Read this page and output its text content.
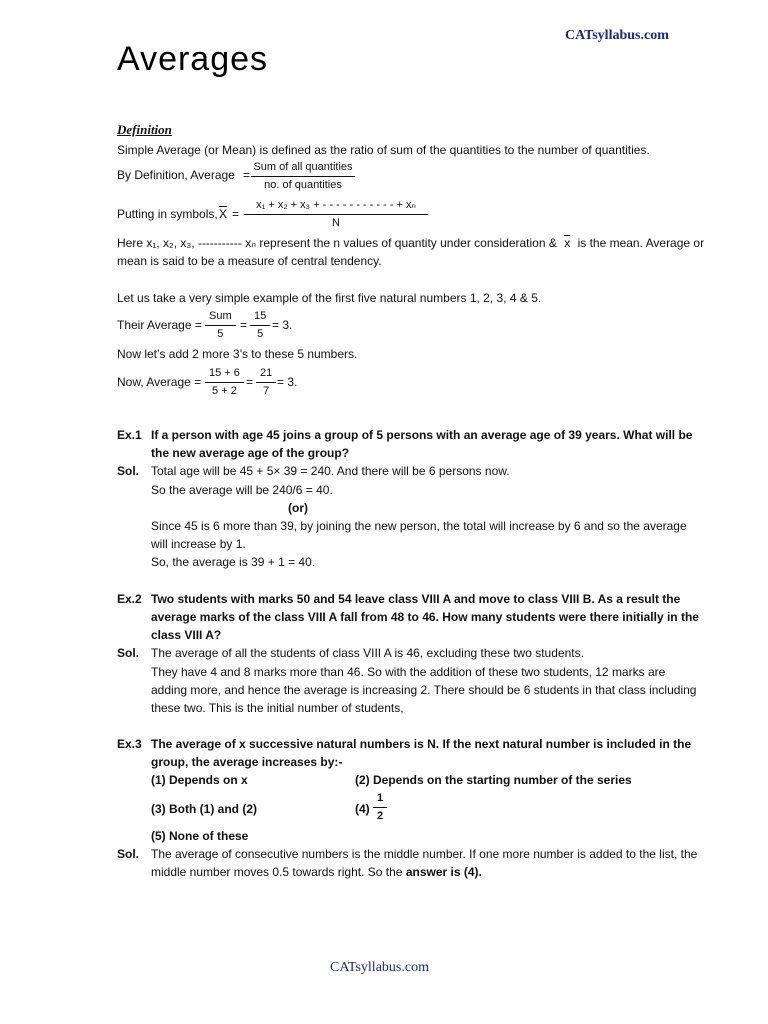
CATsyllabus.com
Averages
Definition
Simple Average (or Mean) is defined as the ratio of sum of the quantities to the number of quantities.
By Definition, Average =
Sum of all quantities
no. of quantities
Putting in symbols, $\overline{X} = \frac{\text{x₁ + x₂ + x₃ + - - - - - - - - - - - + xₙ}}{N}$
Here x₁, x₂, x₃, ----------- xₙ represent the n values of quantity under consideration & $\overline{x}$ is the mean. Average or
mean is said to be a measure of central tendency.
Let us take a very simple example of the first five natural numbers 1, 2, 3, 4 & 5.
Their Average =
Sum
5
= $\frac{15}{5} = 3$.
Now let’s add 2 more 3’s to these 5 numbers.
Now, Average = $\frac{15 + 6}{5 + 2} = \frac{21}{7} = 3$.
Ex.1 If a person with age 45 joins a group of 5 persons with an average age of 39 years. What will be
the new average age of the group?
Sol. Total age will be 45 + 5× 39 = 240. And there will be 6 persons now.
So the average will be 240/6 = 40.
(or)
Since 45 is 6 more than 39, by joining the new person, the total will increase by 6 and so the average
will increase by 1.
So, the average is 39 + 1 = 40.
Ex.2 Two students with marks 50 and 54 leave class VIII A and move to class VIII B. As a result the
average marks of the class VIII A fall from 48 to 46. How many students were there initially in the
class VIII A?
Sol. The average of all the students of class VIII A is 46, excluding these two students.
They have 4 and 8 marks more than 46. So with the addition of these two students, 12 marks are
adding more, and hence the average is increasing 2. There should be 6 students in that class including
these two. This is the initial number of students,
Ex.3 The average of x successive natural numbers is N. If the next natural number is included in the
group, the average increases by:-
(1) Depends on x	(2) Depends on the starting number of the series
(3) Both (1) and (2)	$(4) \frac{1}{2}$
(5) None of these
Sol. The average of consecutive numbers is the middle number. If one more number is added to the list, the
middle number moves 0.5 towards right. So the answer is (4).
CATsyllabus.com
